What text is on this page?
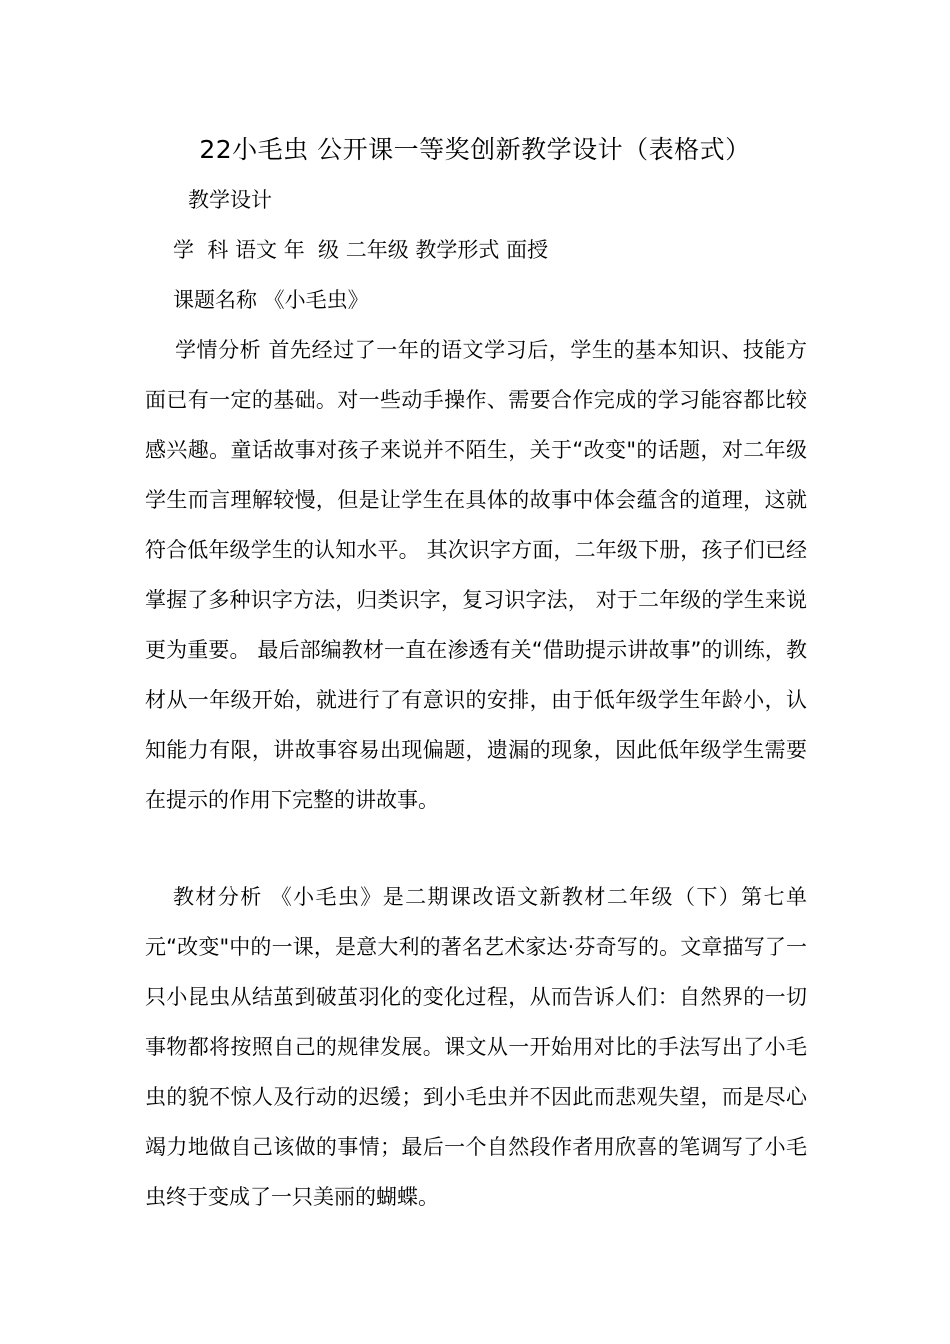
22小毛虫 公开课一等奖创新教学设计（表格式）
教学设计
学  科 语文 年  级 二年级 教学形式 面授
课题名称 《小毛虫》

学情分析 首先经过了一年的语文学习后，学生的基本知识、技能方面已有一定的基础。对一些动手操作、需要合作完成的学习能容都比较感兴趣。童话故事对孩子来说并不陌生，关于“改变"的话题，对二年级学生而言理解较慢，但是让学生在具体的故事中体会蕴含的道理，这就符合低年级学生的认知水平。 其次识字方面，二年级下册，孩子们已经掌握了多种识字方法，归类识字，复习识字法， 对于二年级的学生来说更为重要。 最后部编教材一直在渗透有关“借助提示讲故事”的训练，教材从一年级开始，就进行了有意识的安排，由于低年级学生年龄小，认知能力有限，讲故事容易出现偏题，遗漏的现象，因此低年级学生需要在提示的作用下完整的讲故事。

教材分析 《小毛虫》是二期课改语文新教材二年级（下）第七单元“改变"中的一课，是意大利的著名艺术家达·芬奇写的。文章描写了一只小昆虫从结茧到破茧羽化的变化过程，从而告诉人们：自然界的一切事物都将按照自己的规律发展。课文从一开始用对比的手法写出了小毛虫的貌不惊人及行动的迟缓；到小毛虫并不因此而悲观失望，而是尽心竭力地做自己该做的事情；最后一个自然段作者用欣喜的笔调写了小毛虫终于变成了一只美丽的蝴蝶。
